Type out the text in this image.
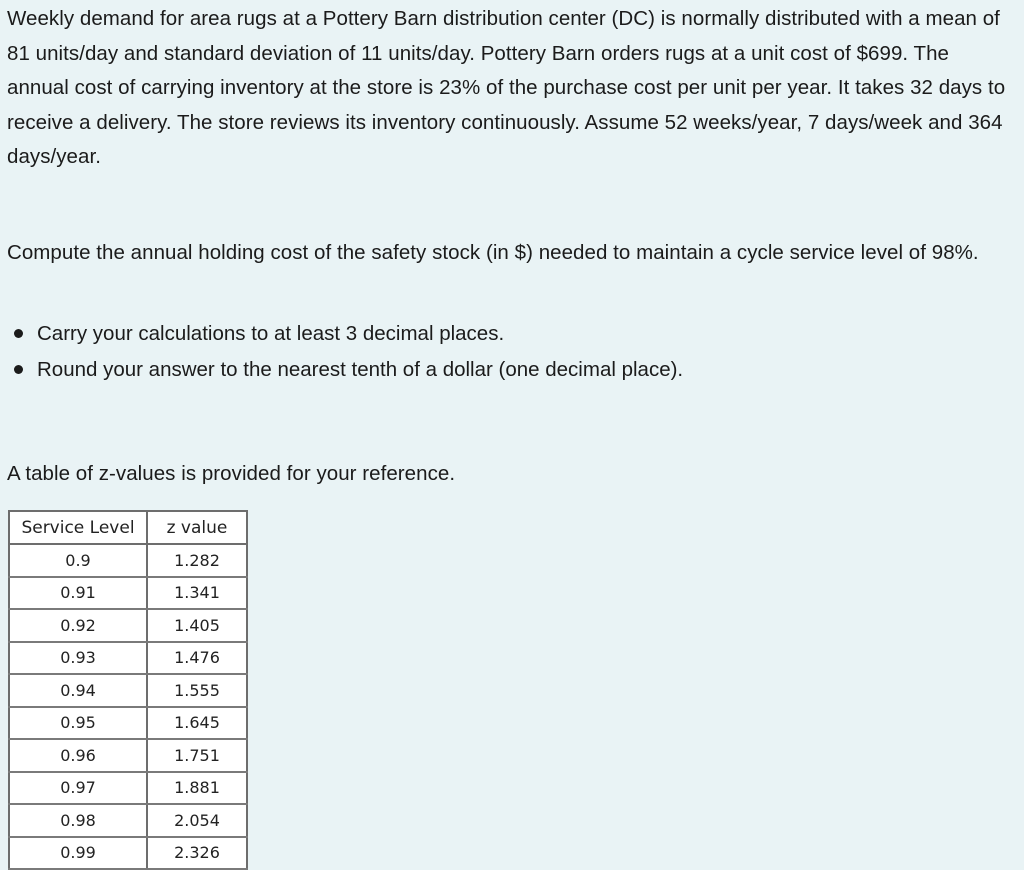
Weekly demand for area rugs at a Pottery Barn distribution center (DC) is normally distributed with a mean of 81 units/day and standard deviation of 11 units/day. Pottery Barn orders rugs at a unit cost of $699. The annual cost of carrying inventory at the store is 23% of the purchase cost per unit per year. It takes 32 days to receive a delivery. The store reviews its inventory continuously. Assume 52 weeks/year, 7 days/week and 364 days/year.

Compute the annual holding cost of the safety stock (in $) needed to maintain a cycle service level of 98%.

Carry your calculations to at least 3 decimal places.
Round your answer to the nearest tenth of a dollar (one decimal place).

A table of z-values is provided for your reference.

Service Level	z value
0.9	1.282
0.91	1.341
0.92	1.405
0.93	1.476
0.94	1.555
0.95	1.645
0.96	1.751
0.97	1.881
0.98	2.054
0.99	2.326
